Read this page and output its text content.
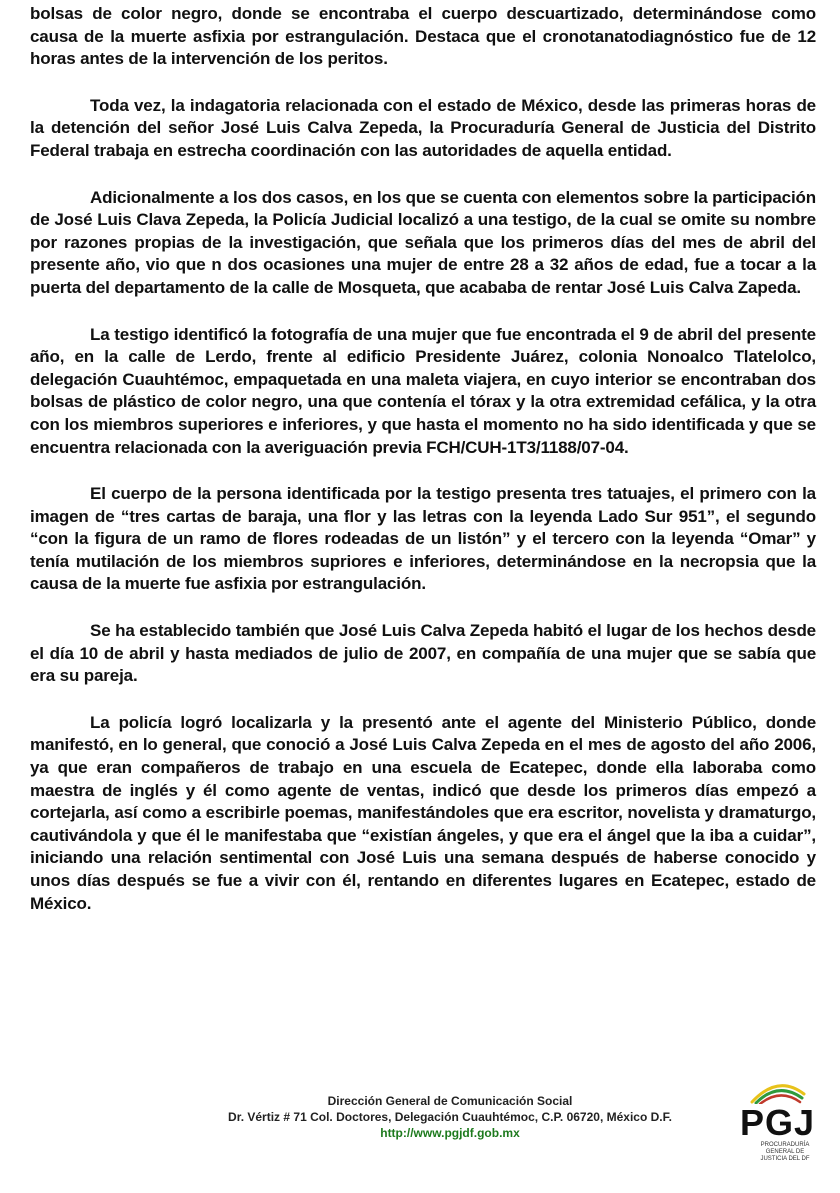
bolsas de color negro, donde se encontraba el cuerpo descuartizado, determinándose como causa de la muerte asfixia por estrangulación. Destaca que el cronotanatodiagnóstico fue de 12 horas antes de la intervención de los peritos.

Toda vez, la indagatoria relacionada con el estado de México, desde las primeras horas de la detención del señor José Luis Calva Zepeda, la Procuraduría General de Justicia del Distrito Federal trabaja en estrecha coordinación con las autoridades de aquella entidad.

Adicionalmente a los dos casos, en los que se cuenta con elementos sobre la participación de José Luis Clava Zepeda, la Policía Judicial localizó a una testigo, de la cual se omite su nombre por razones propias de la investigación, que señala que los primeros días del mes de abril del presente año, vio que n dos ocasiones una mujer de entre 28 a 32 años de edad, fue a tocar a la puerta del departamento de la calle de Mosqueta, que acababa de rentar José Luis Calva Zapeda.

La testigo identificó la fotografía de una mujer que fue encontrada el 9 de abril del presente año, en la calle de Lerdo, frente al edificio Presidente Juárez, colonia Nonoalco Tlatelolco, delegación Cuauhtémoc, empaquetada en una maleta viajera, en cuyo interior se encontraban dos bolsas de plástico de color negro, una que contenía el tórax y la otra extremidad cefálica, y la otra con los miembros superiores e inferiores, y que hasta el momento no ha sido identificada y que se encuentra relacionada con la averiguación previa FCH/CUH-1T3/1188/07-04.

El cuerpo de la persona identificada por la testigo presenta tres tatuajes, el primero con la imagen de “tres cartas de baraja, una flor y las letras con la leyenda Lado Sur 951”, el segundo “con la figura de un ramo de flores rodeadas de un listón” y el tercero con la leyenda “Omar” y tenía mutilación de los miembros supriores e inferiores, determinándose en la necropsia que la causa de la muerte fue asfixia por estrangulación.

Se ha establecido también que José Luis Calva Zepeda habitó el lugar de los hechos desde el día 10 de abril y hasta mediados de julio de 2007, en compañía de una mujer que se sabía que era su pareja.

La policía logró localizarla y la presentó ante el agente del Ministerio Público, donde manifestó, en lo general, que conoció a José Luis Calva Zepeda en el mes de agosto del año 2006, ya que eran compañeros de trabajo en una escuela de Ecatepec, donde ella laboraba como maestra de inglés y él como agente de ventas, indicó que desde los primeros días empezó a cortejarla, así como a escribirle poemas, manifestándoles que era escritor, novelista y dramaturgo, cautivándola y que él le manifestaba que “existían ángeles, y que era el ángel que la iba a cuidar”, iniciando una relación sentimental con José Luis una semana después de haberse conocido y unos días después se fue a vivir con él, rentando en diferentes lugares en Ecatepec, estado de México.

Dirección General de Comunicación Social
Dr. Vértiz # 71 Col. Doctores, Delegación Cuauhtémoc, C.P. 06720, México D.F.
http://www.pgjdf.gob.mx	PGJ
PROCURADURÍA GENERAL DE JUSTICIA DEL DF
